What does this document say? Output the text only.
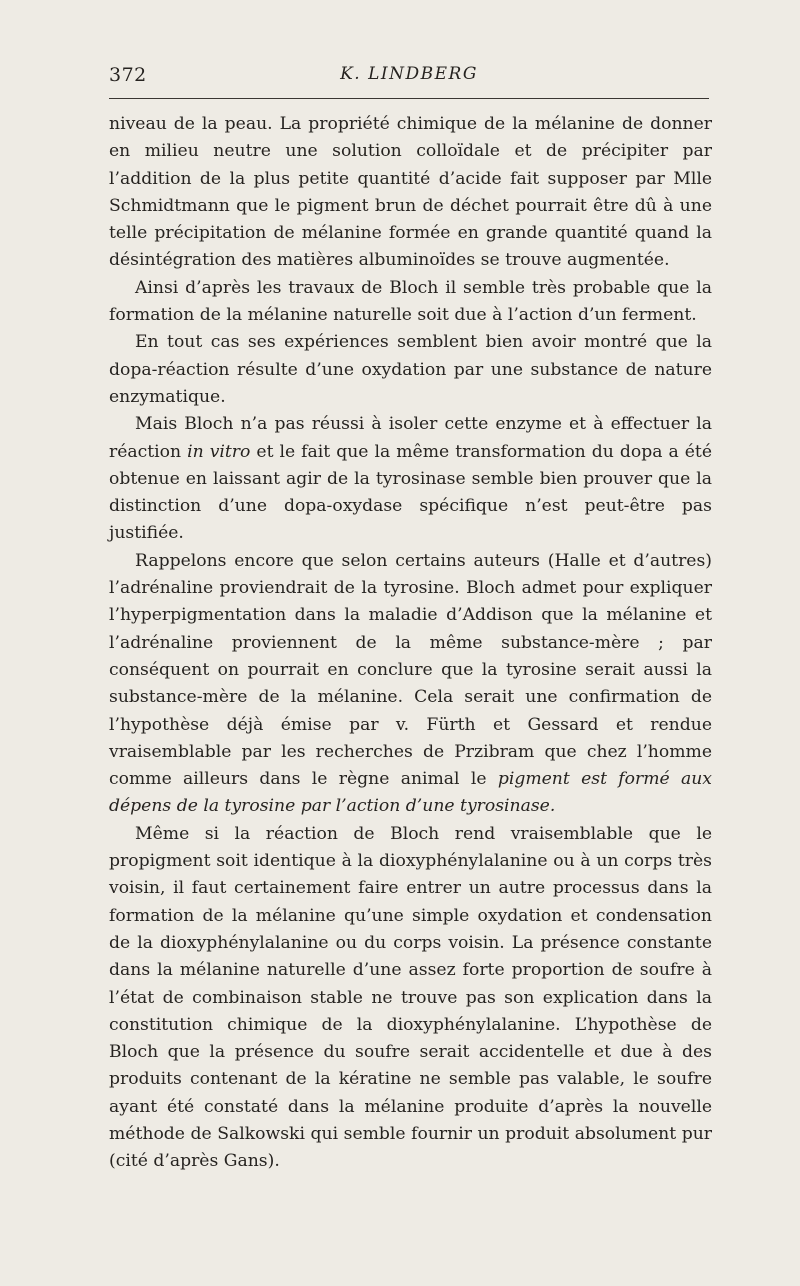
372	K. LINDBERG

niveau de la peau. La propriété chimique de la mélanine de donner en milieu neutre une solution colloïdale et de précipiter par l’addition de la plus petite quantité d’acide fait supposer par Mlle Schmidtmann que le pigment brun de déchet pourrait être dû à une telle précipitation de mélanine formée en grande quantité quand la désintégration des matières albuminoïdes se trouve augmentée.

Ainsi d’après les travaux de Bloch il semble très probable que la formation de la mélanine naturelle soit due à l’action d’un ferment.

En tout cas ses expériences semblent bien avoir montré que la dopa-réaction résulte d’une oxydation par une substance de nature enzymatique.

Mais Bloch n’a pas réussi à isoler cette enzyme et à effectuer la réaction in vitro et le fait que la même transformation du dopa a été obtenue en laissant agir de la tyrosinase semble bien prouver que la distinction d’une dopa-oxydase spécifique n’est peut-être pas justifiée.

Rappelons encore que selon certains auteurs (Halle et d’autres) l’adrénaline proviendrait de la tyrosine. Bloch admet pour expliquer l’hyperpigmentation dans la maladie d’Addison que la mélanine et l’adrénaline proviennent de la même substance-mère ; par conséquent on pourrait en conclure que la tyrosine serait aussi la substance-mère de la mélanine. Cela serait une confirmation de l’hypothèse déjà émise par v. Fürth et Gessard et rendue vraisemblable par les recherches de Przibram que chez l’homme comme ailleurs dans le règne animal le pigment est formé aux dépens de la tyrosine par l’action d’une tyrosinase.

Même si la réaction de Bloch rend vraisemblable que le propigment soit identique à la dioxyphénylalanine ou à un corps très voisin, il faut certainement faire entrer un autre processus dans la formation de la mélanine qu’une simple oxydation et condensation de la dioxyphénylalanine ou du corps voisin. La présence constante dans la mélanine naturelle d’une assez forte proportion de soufre à l’état de combinaison stable ne trouve pas son explication dans la constitution chimique de la dioxyphénylalanine. L’hypothèse de Bloch que la présence du soufre serait accidentelle et due à des produits contenant de la kératine ne semble pas valable, le soufre ayant été constaté dans la mélanine produite d’après la nouvelle méthode de Salkowski qui semble fournir un produit absolument pur (cité d’après Gans).
